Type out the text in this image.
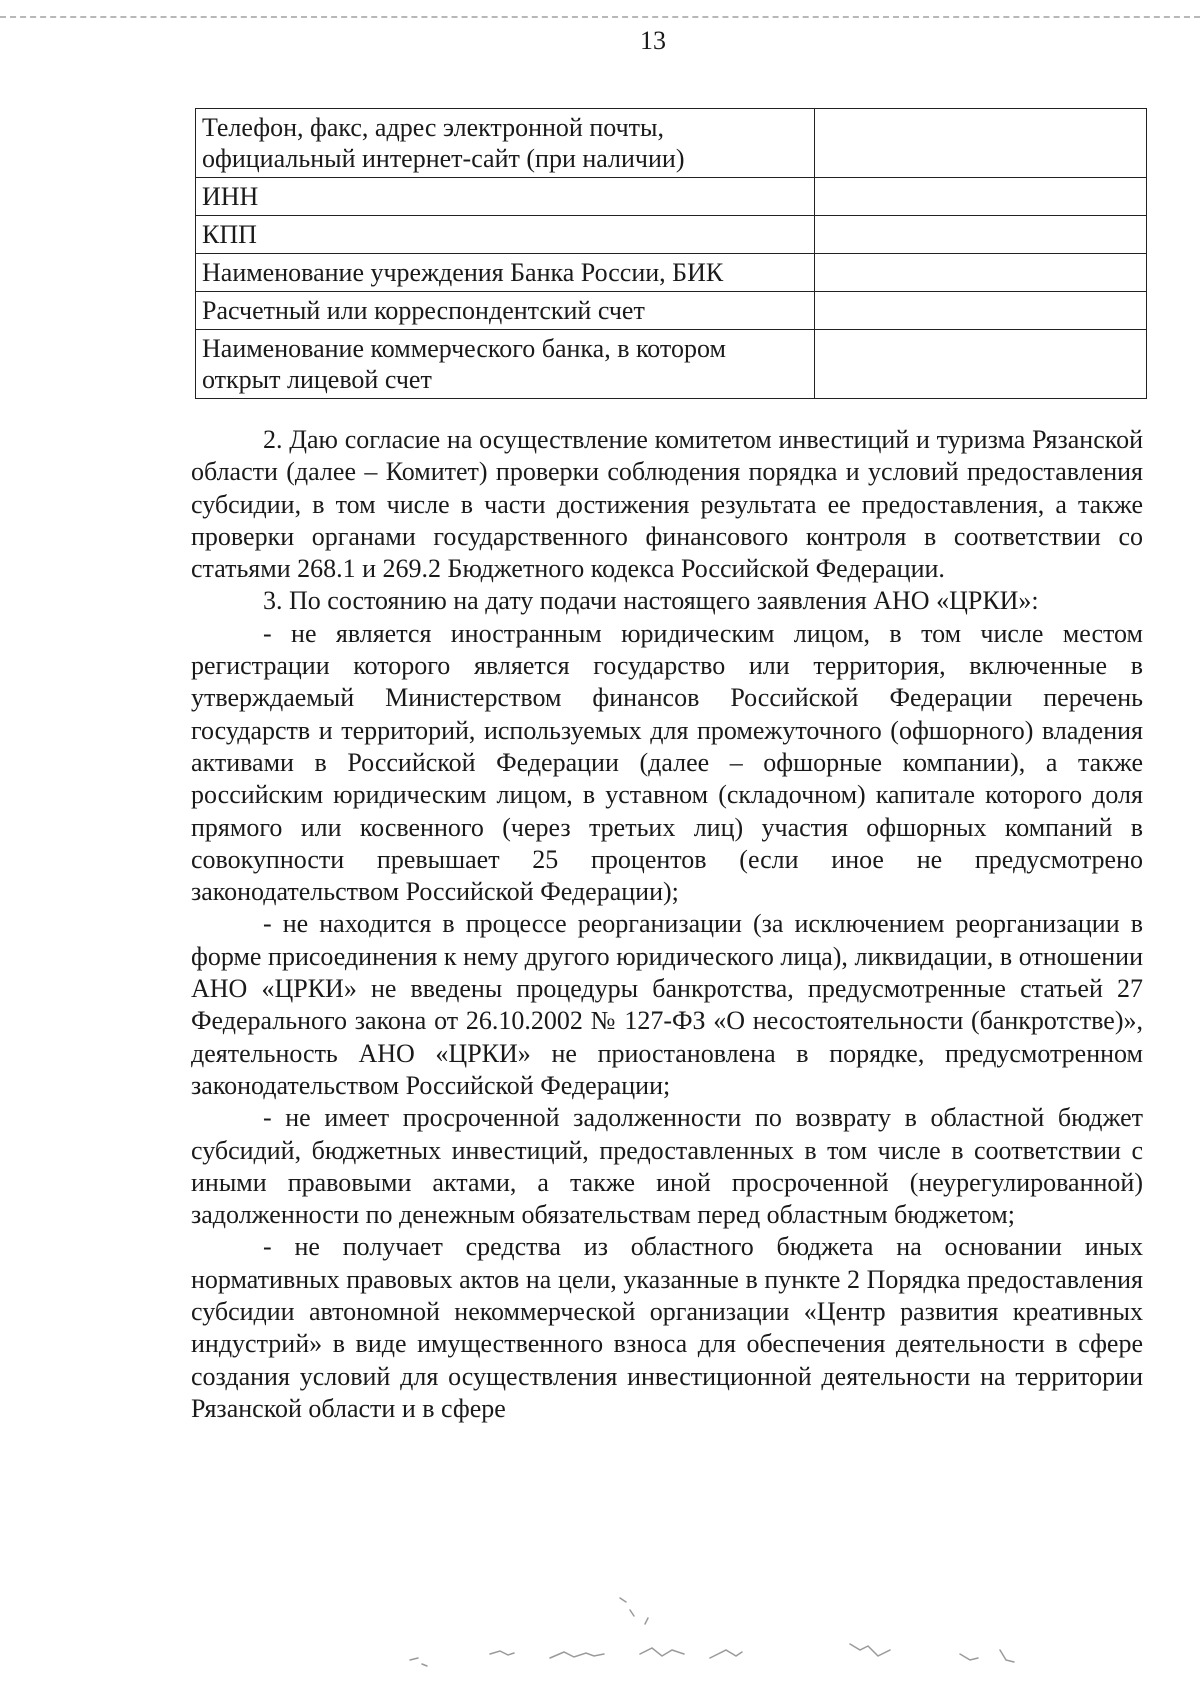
13
Телефон, факс, адрес электронной почты, официальный интернет-сайт (при наличии)	
ИНН	
КПП	
Наименование учреждения Банка России, БИК	
Расчетный или корреспондентский счет	
Наименование коммерческого банка, в котором открыт лицевой счет	

2. Даю согласие на осуществление комитетом инвестиций и туризма Рязанской области (далее – Комитет) проверки соблюдения порядка и условий предоставления субсидии, в том числе в части достижения результата ее предоставления, а также проверки органами государственного финансового контроля в соответствии со статьями 268.1 и 269.2 Бюджетного кодекса Российской Федерации.

3. По состоянию на дату подачи настоящего заявления АНО «ЦРКИ»:

- не является иностранным юридическим лицом, в том числе местом регистрации которого является государство или территория, включенные в утверждаемый Министерством финансов Российской Федерации перечень государств и территорий, используемых для промежуточного (офшорного) владения активами в Российской Федерации (далее – офшорные компании), а также российским юридическим лицом, в уставном (складочном) капитале которого доля прямого или косвенного (через третьих лиц) участия офшорных компаний в совокупности превышает 25 процентов (если иное не предусмотрено законодательством Российской Федерации);

- не находится в процессе реорганизации (за исключением реорганизации в форме присоединения к нему другого юридического лица), ликвидации, в отношении АНО «ЦРКИ» не введены процедуры банкротства, предусмотренные статьей 27 Федерального закона от 26.10.2002 № 127-ФЗ «О несостоятельности (банкротстве)», деятельность АНО «ЦРКИ» не приостановлена в порядке, предусмотренном законодательством Российской Федерации;

- не имеет просроченной задолженности по возврату в областной бюджет субсидий, бюджетных инвестиций, предоставленных в том числе в соответствии с иными правовыми актами, а также иной просроченной (неурегулированной) задолженности по денежным обязательствам перед областным бюджетом;

- не получает средства из областного бюджета на основании иных нормативных правовых актов на цели, указанные в пункте 2 Порядка предоставления субсидии автономной некоммерческой организации «Центр развития креативных индустрий» в виде имущественного взноса для обеспечения деятельности в сфере создания условий для осуществления инвестиционной деятельности на территории Рязанской области и в сфере
